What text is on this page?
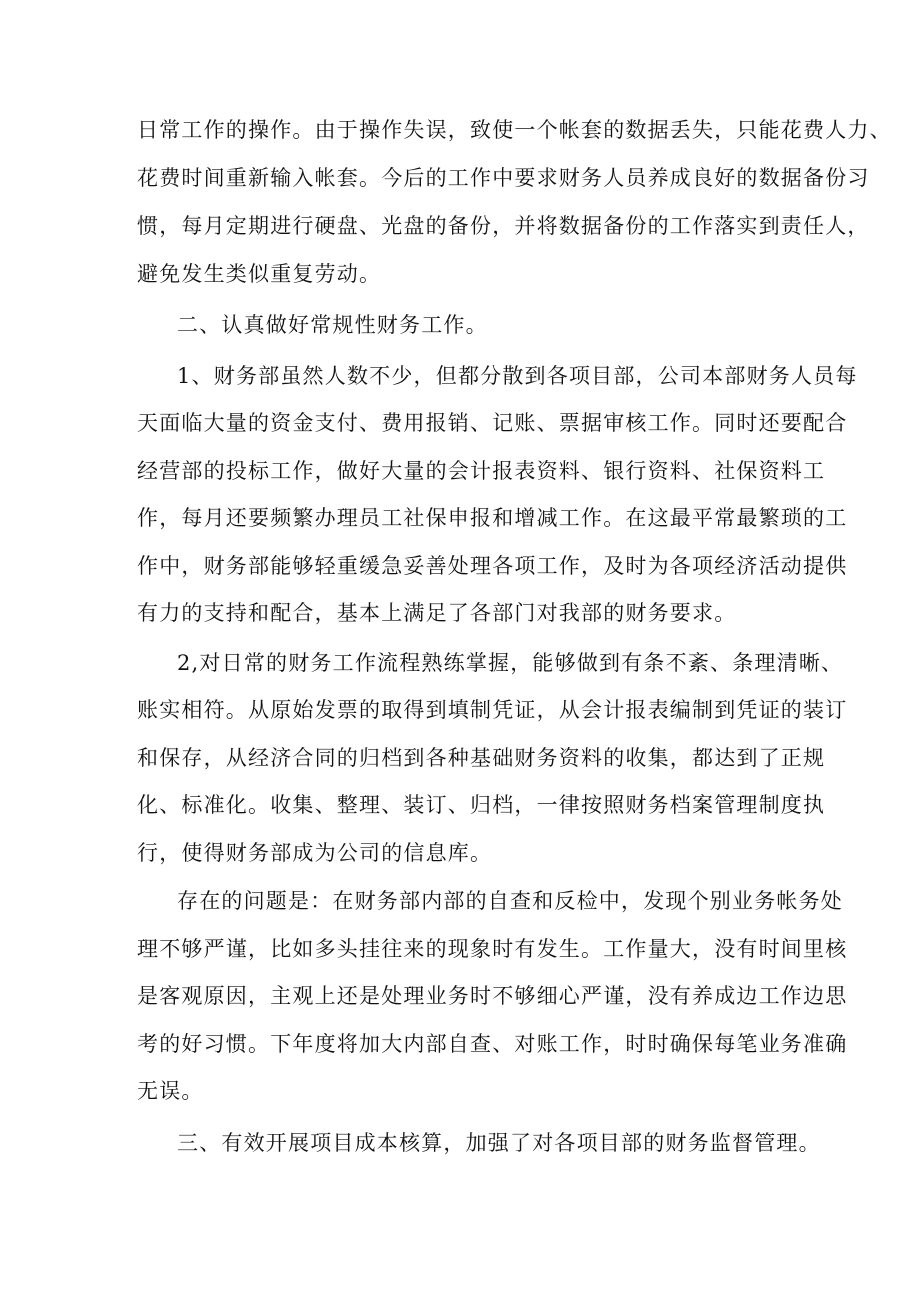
日常工作的操作。由于操作失误，致使一个帐套的数据丢失，只能花费人力、
花费时间重新输入帐套。今后的工作中要求财务人员养成良好的数据备份习
惯，每月定期进行硬盘、光盘的备份，并将数据备份的工作落实到责任人，
避免发生类似重复劳动。
二、认真做好常规性财务工作。
1、财务部虽然人数不少，但都分散到各项目部，公司本部财务人员每
天面临大量的资金支付、费用报销、记账、票据审核工作。同时还要配合
经营部的投标工作，做好大量的会计报表资料、银行资料、社保资料工
作，每月还要频繁办理员工社保申报和增减工作。在这最平常最繁琐的工
作中，财务部能够轻重缓急妥善处理各项工作，及时为各项经济活动提供
有力的支持和配合，基本上满足了各部门对我部的财务要求。
2,对日常的财务工作流程熟练掌握，能够做到有条不紊、条理清晰、
账实相符。从原始发票的取得到填制凭证，从会计报表编制到凭证的装订
和保存，从经济合同的归档到各种基础财务资料的收集，都达到了正规
化、标准化。收集、整理、装订、归档，一律按照财务档案管理制度执
行，使得财务部成为公司的信息库。
存在的问题是：在财务部内部的自查和反检中，发现个别业务帐务处
理不够严谨，比如多头挂往来的现象时有发生。工作量大，没有时间里核
是客观原因，主观上还是处理业务时不够细心严谨，没有养成边工作边思
考的好习惯。下年度将加大内部自查、对账工作，时时确保每笔业务准确
无误。
三、有效开展项目成本核算，加强了对各项目部的财务监督管理。
